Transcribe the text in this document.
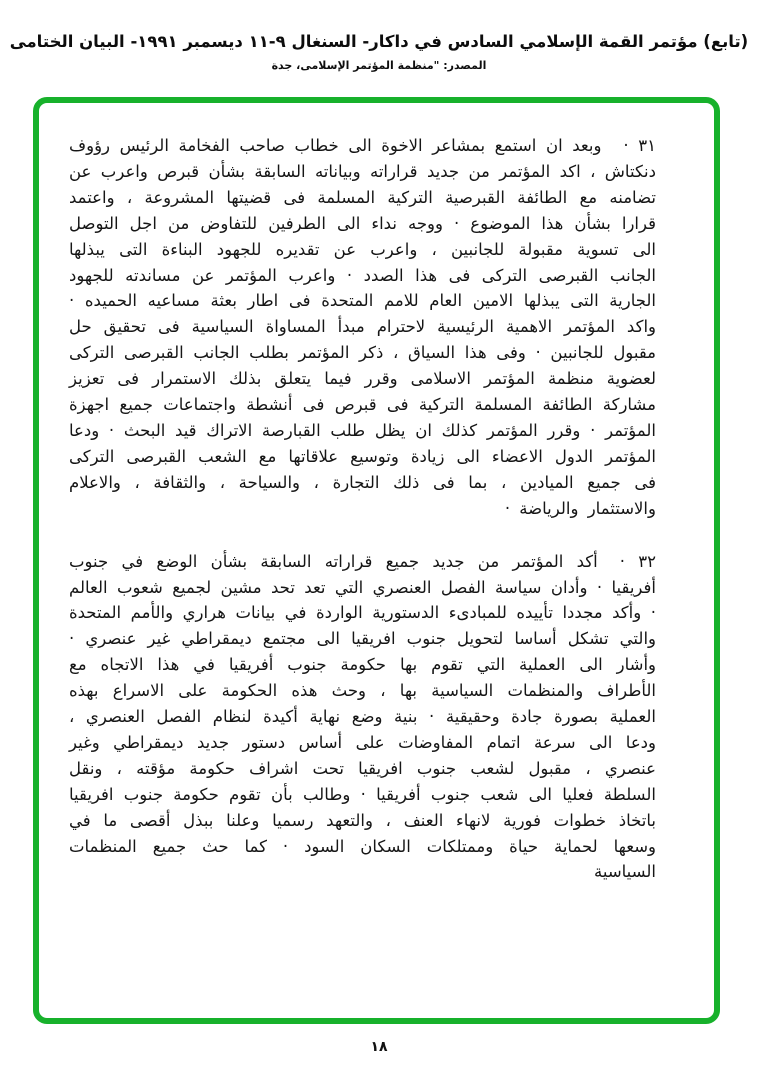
(تابع) مؤتمر القمة الإسلامي السادس في داكار- السنغال ٩-١١ ديسمبر ١٩٩١- البيان الختامى
المصدر: "منظمة المؤتمر الإسلامى، جدة

٣١ ·وبعد ان استمع بمشاعر الاخوة الى خطاب صاحب الفخامة الرئيس رؤوف دنكتاش ، اكد المؤتمر من جديد قراراته وبياناته السابقة بشأن قبرص واعرب عن تضامنه مع الطائفة القبرصية التركية المسلمة فى قضيتها المشروعة ، واعتمد قرارا بشأن هذا الموضوع · ووجه نداء الى الطرفين للتفاوض من اجل التوصل الى تسوية مقبولة للجانبين ، واعرب عن تقديره للجهود البناءة التى يبذلها الجانب القبرصى التركى فى هذا الصدد · واعرب المؤتمر عن مساندته للجهود الجارية التى يبذلها الامين العام للامم المتحدة فى اطار بعثة مساعيه الحميده · واكد المؤتمر الاهمية الرئيسية لاحترام مبدأ المساواة السياسية فى تحقيق حل مقبول للجانبين · وفى هذا السياق ، ذكر المؤتمر بطلب الجانب القبرصى التركى لعضوية منظمة المؤتمر الاسلامى وقرر فيما يتعلق بذلك الاستمرار فى تعزيز مشاركة الطائفة المسلمة التركية فى قبرص فى أنشطة واجتماعات جميع اجهزة المؤتمر · وقرر المؤتمر كذلك ان يظل طلب القبارصة الاتراك قيد البحث · ودعا المؤتمر الدول الاعضاء الى زيادة وتوسيع علاقاتها مع الشعب القبرصى التركى فى جميع الميادين ، بما فى ذلك التجارة ، والسياحة ، والثقافة ، والاعلام والاستثمار والرياضة ·

٣٢ ·أكد المؤتمر من جديد جميع قراراته السابقة بشأن الوضع في جنوب أفريقيا · وأدان سياسة الفصل العنصري التي تعد تحد مشين لجميع شعوب العالم · وأكد مجددا تأييده للمبادىء الدستورية الواردة في بيانات هراري والأمم المتحدة والتي تشكل أساسا لتحويل جنوب افريقيا الى مجتمع ديمقراطي غير عنصري · وأشار الى العملية التي تقوم بها حكومة جنوب أفريقيا في هذا الاتجاه مع الأطراف والمنظمات السياسية بها ، وحث هذه الحكومة على الاسراع بهذه العملية بصورة جادة وحقيقية · بنية وضع نهاية أكيدة لنظام الفصل العنصري ، ودعا الى سرعة اتمام المفاوضات على أساس دستور جديد ديمقراطي وغير عنصري ، مقبول لشعب جنوب افريقيا تحت اشراف حكومة مؤقته ، ونقل السلطة فعليا الى شعب جنوب أفريقيا · وطالب بأن تقوم حكومة جنوب افريقيا باتخاذ خطوات فورية لانهاء العنف ، والتعهد رسميا وعلنا ببذل أقصى ما في وسعها لحماية حياة وممتلكات السكان السود · كما حث جميع المنظمات السياسية

١٨
